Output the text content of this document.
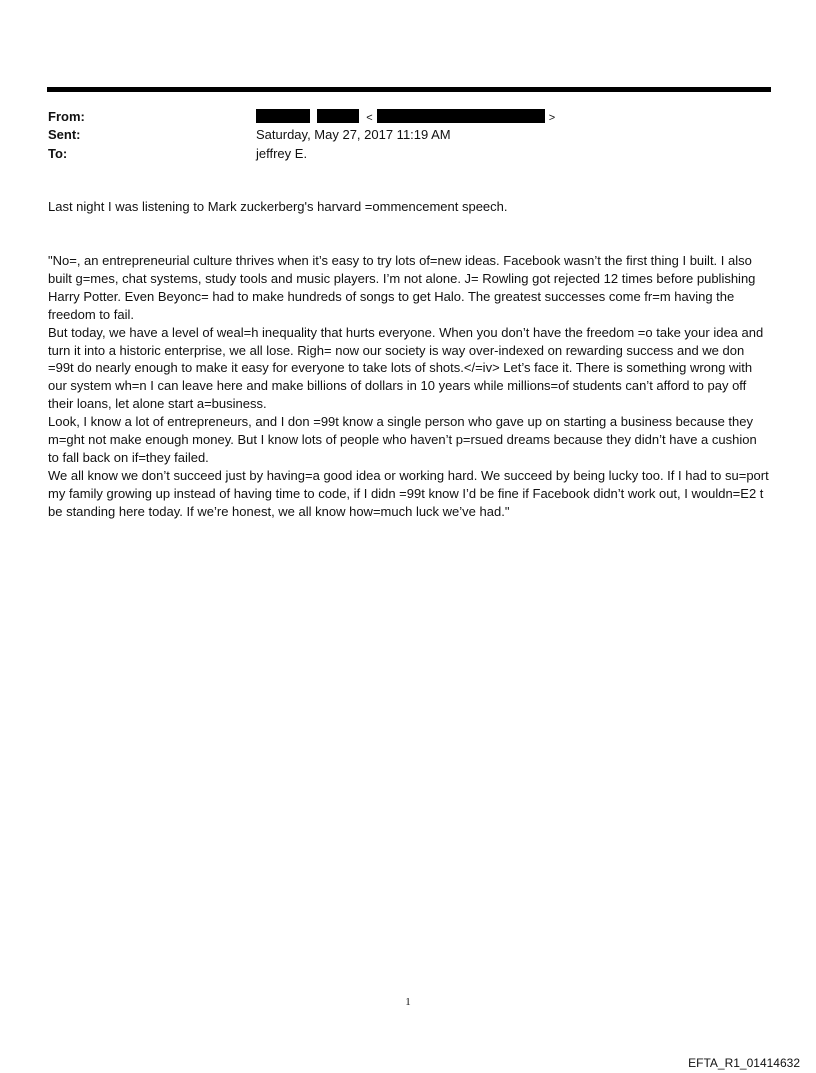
From:	<	>
Sent:	Saturday, May 27, 2017 11:19 AM
To:	jeffrey E.

Last night I was listening to Mark zuckerberg's harvard =ommencement speech.

"No=, an entrepreneurial culture thrives when it’s easy to try lots of=new ideas. Facebook wasn’t the first thing I built. I also built g=mes, chat systems, study tools and music players. I’m not alone. J= Rowling got rejected 12 times before publishing Harry Potter. Even Beyonc= had to make hundreds of songs to get Halo. The greatest successes come fr=m having the freedom to fail.

But today, we have a level of weal=h inequality that hurts everyone. When you don’t have the freedom =o take your idea and turn it into a historic enterprise, we all lose. Righ= now our society is way over-indexed on rewarding success and we don =99t do nearly enough to make it easy for everyone to take lots of shots.</=iv> Let’s face it. There is something wrong with our system wh=n I can leave here and make billions of dollars in 10 years while millions=of students can’t afford to pay off their loans, let alone start a=business.

Look, I know a lot of entrepreneurs, and I don =99t know a single person who gave up on starting a business because they m=ght not make enough money. But I know lots of people who haven’t p=rsued dreams because they didn’t have a cushion to fall back on if=they failed.

We all know we don’t succeed just by having=a good idea or working hard. We succeed by being lucky too. If I had to su=port my family growing up instead of having time to code, if I didn =99t know I’d be fine if Facebook didn’t work out, I wouldn=E2 t be standing here today. If we’re honest, we all know how=much luck we’ve had."

1
EFTA_R1_01414632
